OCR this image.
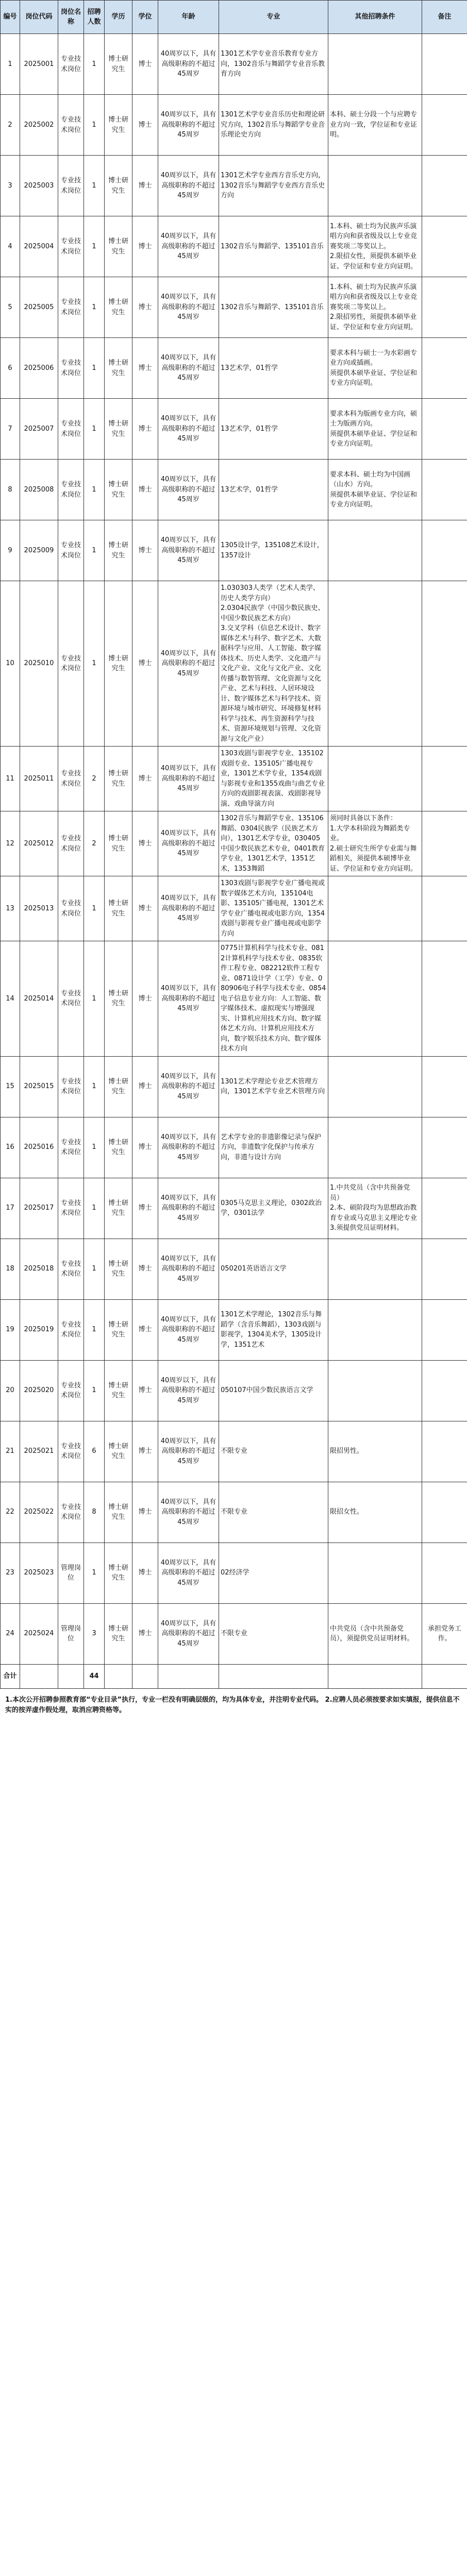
编号	岗位代码	岗位名称	招聘人数	学历	学位	年龄	专业	其他招聘条件	备注
1	2025001	专业技术岗位	1	博士研究生	博士	40周岁以下，具有高级职称的不超过45周岁	1301艺术学专业音乐教育专业方向，1302音乐与舞蹈学专业音乐教育方向		
2	2025002	专业技术岗位	1	博士研究生	博士	40周岁以下，具有高级职称的不超过45周岁	1301艺术学专业音乐历史和理论研究方向，1302音乐与舞蹈学专业音乐理论史方向	本科、硕士分段一个与应聘专业方向一致，学位证和专业证明。	
3	2025003	专业技术岗位	1	博士研究生	博士	40周岁以下，具有高级职称的不超过45周岁	1301艺术学专业西方音乐史方向，1302音乐与舞蹈学专业西方音乐史方向		
4	2025004	专业技术岗位	1	博士研究生	博士	40周岁以下，具有高级职称的不超过45周岁	1302音乐与舞蹈学、135101音乐	1.本科、硕士均为民族声乐演唱方向和获省级及以上专业竞赛奖项二等奖以上。
2.限招女性，须提供本硕毕业证、学位证和专业方向证明。	
5	2025005	专业技术岗位	1	博士研究生	博士	40周岁以下，具有高级职称的不超过45周岁	1302音乐与舞蹈学、135101音乐	1.本科、硕士均为民族声乐演唱方向和获省级及以上专业竞赛奖项二等奖以上。
2.限招男性，须提供本硕毕业证、学位证和专业方向证明。	
6	2025006	专业技术岗位	1	博士研究生	博士	40周岁以下，具有高级职称的不超过45周岁	13艺术学，01哲学	要求本科与硕士一为水彩画专业方向或插画。
须提供本硕毕业证、学位证和专业方向证明。	
7	2025007	专业技术岗位	1	博士研究生	博士	40周岁以下，具有高级职称的不超过45周岁	13艺术学，01哲学	要求本科为版画专业方向，硕士为版画方向。
须提供本硕毕业证、学位证和专业方向证明。	
8	2025008	专业技术岗位	1	博士研究生	博士	40周岁以下，具有高级职称的不超过45周岁	13艺术学，01哲学	要求本科、硕士均为中国画（山水）方向。
须提供本硕毕业证、学位证和专业方向证明。	
9	2025009	专业技术岗位	1	博士研究生	博士	40周岁以下，具有高级职称的不超过45周岁	1305设计学，135108艺术设计，1357设计		
10	2025010	专业技术岗位	1	博士研究生	博士	40周岁以下，具有高级职称的不超过45周岁	1.030303人类学（艺术人类学、历史人类学方向）
2.0304民族学（中国少数民族史、中国少数民族艺术方向）
3.交叉学科（信息艺术设计、数字媒体艺术与科学、数字艺术、大数据科学与应用、人工智能、数字媒体技术、历史人类学、文化遗产与文化产业、文化与文化产业、文化传播与数智管理、文化资源与文化产业、艺术与科技、人居环境设计、数字媒体艺术与科学技术、资源环境与城市研究、环境修复材料科学与技术、再生资源科学与技术、资源环境规划与管理、文化资源与文化产业）		
11	2025011	专业技术岗位	2	博士研究生	博士	40周岁以下，具有高级职称的不超过45周岁	1303戏剧与影视学专业、135102戏剧专业、135105广播电视专业，1301艺术学专业，1354戏剧与影视专业和1355戏曲与曲艺专业方向的戏剧影视表演、戏剧影视导演、戏曲导演方向		
12	2025012	专业技术岗位	2	博士研究生	博士	40周岁以下，具有高级职称的不超过45周岁	1302音乐与舞蹈学专业、135106舞蹈、0304民族学（民族艺术方向），1301艺术学专业，030405中国少数民族艺术专业，0401教育学专业，1301艺术学，1351艺术，1353舞蹈	须同时具备以下条件：
1.大学本科阶段为舞蹈类专业。
2.硕士研究生所学专业需与舞蹈相关，须提供本硕博毕业证、学位证和专业方向证明。	
13	2025013	专业技术岗位	1	博士研究生	博士	40周岁以下，具有高级职称的不超过45周岁	1303戏剧与影视学专业广播电视或数字媒体艺术方向，135104电影、135105广播电视，1301艺术学专业广播电视或电影方向，1354戏剧与影视专业广播电视或电影学方向		
14	2025014	专业技术岗位	1	博士研究生	博士	40周岁以下，具有高级职称的不超过45周岁	0775计算机科学与技术专业、0812计算机科学与技术专业、0835软件工程专业、082212软件工程专业、0871设计学（工学）专业、080906电子科学与技术专业、0854电子信息专业方向：人工智能、数字媒体技术、虚拟现实与增强现实、计算机应用技术方向、数字媒体艺术方向、计算机应用技术方向，数字娱乐技术方向、数字媒体技术方向		
15	2025015	专业技术岗位	1	博士研究生	博士	40周岁以下，具有高级职称的不超过45周岁	1301艺术学理论专业艺术管理方向，1301艺术学专业艺术管理方向		
16	2025016	专业技术岗位	1	博士研究生	博士	40周岁以下，具有高级职称的不超过45周岁	艺术学专业的非遗影像记录与保护方向，非遗数字化保护与传承方向，非遗与设计方向		
17	2025017	专业技术岗位	1	博士研究生	博士	40周岁以下，具有高级职称的不超过45周岁	0305马克思主义理论，0302政治学，0301法学	1.中共党员（含中共预备党员）
2.本、硕阶段均为思想政治教育专业或马克思主义理论专业
3.须提供党员证明材料。	
18	2025018	专业技术岗位	1	博士研究生	博士	40周岁以下，具有高级职称的不超过45周岁	050201英语语言文学		
19	2025019	专业技术岗位	1	博士研究生	博士	40周岁以下，具有高级职称的不超过45周岁	1301艺术学理论，1302音乐与舞蹈学（含音乐舞蹈），1303戏剧与影视学，1304美术学，1305设计学，1351艺术		
20	2025020	专业技术岗位	1	博士研究生	博士	40周岁以下，具有高级职称的不超过45周岁	050107中国少数民族语言文学		
21	2025021	专业技术岗位	6	博士研究生	博士	40周岁以下，具有高级职称的不超过45周岁	不限专业	限招男性。	
22	2025022	专业技术岗位	8	博士研究生	博士	40周岁以下，具有高级职称的不超过45周岁	不限专业	限招女性。	
23	2025023	管理岗位	1	博士研究生	博士	40周岁以下，具有高级职称的不超过45周岁	02经济学		
24	2025024	管理岗位	3	博士研究生	博士	40周岁以下，具有高级职称的不超过45周岁	不限专业	中共党员（含中共预备党员），须提供党员证明材料。	承担党务工作。
合计			44						
1.本次公开招聘参照教育部“专业目录”执行，专业一栏没有明确层级的，均为具体专业，并注明专业代码。 2.应聘人员必须按要求如实填报，提供信息不实的按弄虚作假处理，取消应聘资格等。
